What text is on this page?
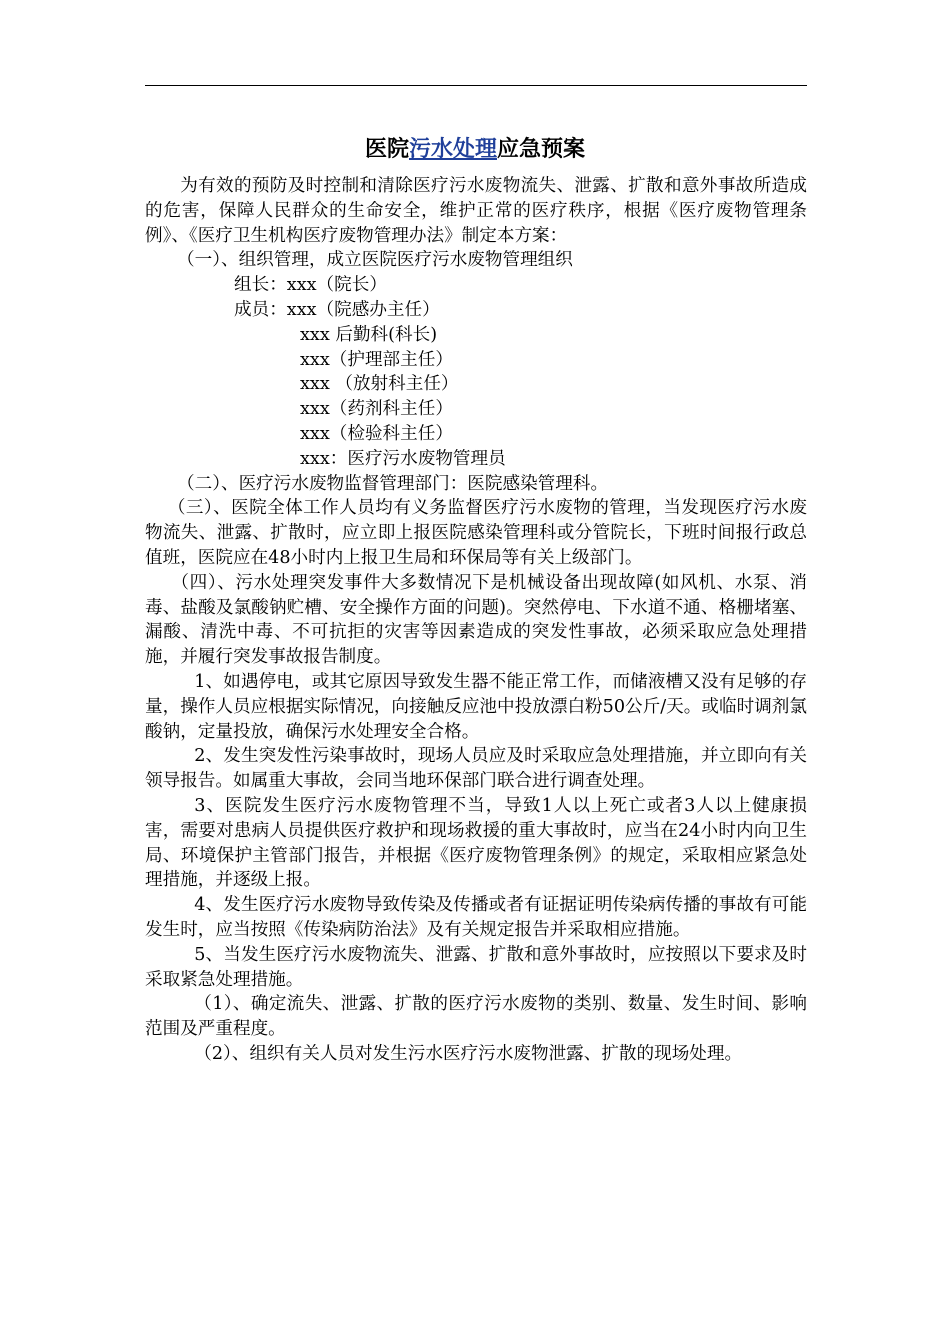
医院污水处理应急预案

为有效的预防及时控制和清除医疗污水废物流失、泄露、扩散和意外事故所造成的危害，保障人民群众的生命安全，维护正常的医疗秩序，根据《医疗废物管理条例》、《医疗卫生机构医疗废物管理办法》制定本方案：

（一）、组织管理，成立医院医疗污水废物管理组织

组长：xxx（院长）

成员：xxx（院感办主任）

xxx 后勤科(科长)

xxx（护理部主任）

xxx （放射科主任）

xxx（药剂科主任）

xxx（检验科主任）

xxx：医疗污水废物管理员

（二）、医疗污水废物监督管理部门：医院感染管理科。

（三）、医院全体工作人员均有义务监督医疗污水废物的管理，当发现医疗污水废物流失、泄露、扩散时，应立即上报医院感染管理科或分管院长，下班时间报行政总值班，医院应在48小时内上报卫生局和环保局等有关上级部门。

（四）、污水处理突发事件大多数情况下是机械设备出现故障(如风机、水泵、消毒、盐酸及氯酸钠贮槽、安全操作方面的问题)。突然停电、下水道不通、格栅堵塞、漏酸、清洗中毒、不可抗拒的灾害等因素造成的突发性事故，必须采取应急处理措施，并履行突发事故报告制度。

1、如遇停电，或其它原因导致发生器不能正常工作，而储液槽又没有足够的存量，操作人员应根据实际情况，向接触反应池中投放漂白粉50公斤/天。或临时调剂氯酸钠，定量投放，确保污水处理安全合格。

2、发生突发性污染事故时，现场人员应及时采取应急处理措施，并立即向有关领导报告。如属重大事故，会同当地环保部门联合进行调查处理。

3、医院发生医疗污水废物管理不当，导致1人以上死亡或者3人以上健康损害，需要对患病人员提供医疗救护和现场救援的重大事故时，应当在24小时内向卫生局、环境保护主管部门报告，并根据《医疗废物管理条例》的规定，采取相应紧急处理措施，并逐级上报。

4、发生医疗污水废物导致传染及传播或者有证据证明传染病传播的事故有可能发生时，应当按照《传染病防治法》及有关规定报告并采取相应措施。

5、当发生医疗污水废物流失、泄露、扩散和意外事故时，应按照以下要求及时采取紧急处理措施。

（1）、确定流失、泄露、扩散的医疗污水废物的类别、数量、发生时间、影响范围及严重程度。

（2）、组织有关人员对发生污水医疗污水废物泄露、扩散的现场处理。
